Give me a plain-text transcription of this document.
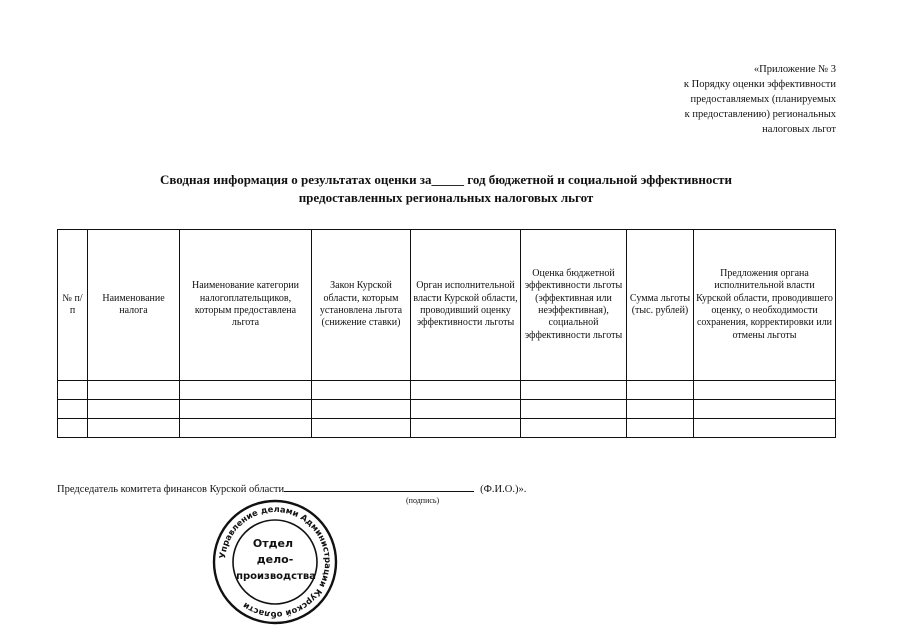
«Приложение № 3
к Порядку оценки эффективности
предоставляемых (планируемых
к предоставлению) региональных
налоговых льгот
Сводная информация о результатах оценки за_____ год бюджетной и социальной эффективности
предоставленных региональных налоговых льгот
№ п/п	Наименование налога	Наименование категории налогоплательщиков, которым предоставлена льгота	Закон Курской области, которым установлена льгота (снижение ставки)	Орган исполнительной власти Курской области, проводивший оценку эффективности льготы	Оценка бюджетной эффективности льготы (эффективная или неэффективная), социальной эффективности льготы	Сумма льготы (тыс. рублей)	Предложения органа исполнительной власти Курской области, проводившего оценку, о необходимости сохранения, корректировки или отмены льготы

Председатель комитета финансов Курской области	(Ф.И.О.)».
(подпись)
Управление делами Администрации Курской области
Отдел
дело-
производства
